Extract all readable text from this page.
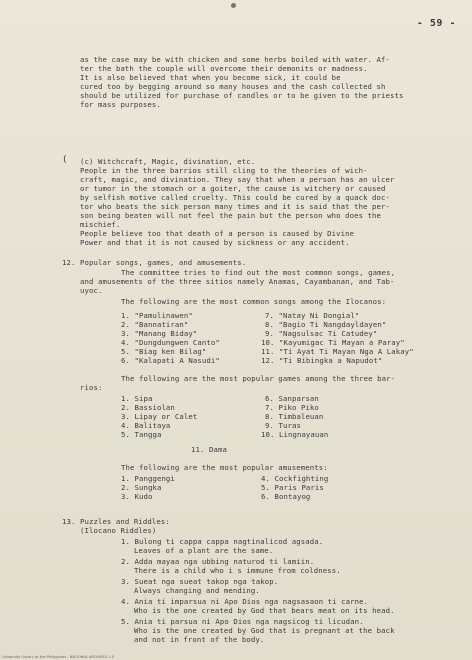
- 59 -
as the case may be with chicken and some herbs boiled with water. Af-
ter the bath the couple will overcome their demonits or madness.
It is also believed that when you become sick, it could be
cured too by begging around so many houses and the cash collected sh
should be utilized for purchase of candles or to be given to the priests
for mass purposes.
( (c) Witchcraft, Magic, divination, etc.
People in the three barrios still cling to the theories of wich-
craft, magic, and divination. They say that when a person has an ulcer
or tumor in the stomach or a goiter, the cause is witchery or caused
by selfish motive called cruelty. This could be cured by a quack doc-
tor who beats the sick person many times and it is said that the per-
son being beaten will not feel the pain but the person who does the
mischief.
People believe too that death of a person is caused by Divine
Power and that it is not caused by sickness or any accident.
12. Popular songs, games, and amusements.
The committee tries to find out the most common songs, games,
and amusements of the three sitios namely Anamas, Cayambanan, and Tab-
uyoc.
The following are the most common songs among the Ilocanos:
1. "Pamulinawen"
2. "Bannatiran"
3. "Manang Biday"
4. "Dungdungwen Canto"
5. "Biag ken Bilag"
6. "Kalapati A Nasudi"
7. "Natay Ni Dongial"
8. "Bagio Ti Nangdayldayen"
9. "Nagsulsac Ti Catudey"
10. "Kayumigac Ti Mayan a Paray"
11. "Ti Ayat Ti Mayan Nga A Lakay"
12. "Ti Bibingka a Napudot"
The following are the most popular games among the three bar-
rios:
1. Sipa
2. Bassiolan
3. Lipay or Calet
4. Balitaya
5. Tangga
6. Sanparsan
7. Piko Piko
8. Timbaleuan
9. Turas
10. Lingnayauan
11. Dama
The following are the most popular amusements:
1. Panggengi
2. Sungka
3. Kudo
4. Cockfighting
5. Paris Paris
6. Bontayog
13. Puzzles and Riddles:
(Ilocano Riddles)
1. Bulong ti cappa cappa nagtinalicod agsada.
Leaves of a plant are the same.
2. Adda mayaa nga ubbing naturod ti lamiin.
There is a child who i s immune from coldness.
3. Sueat nga sueat takop nga takop.
Always changing and mending.
4. Ania ti imparsua ni Apo Dios nga nagsasaon ti carne.
Who is the one created by God that bears meat on its head.
5. Ania ti parsua ni Apo Dios nga nagsicog ti licudan.
Who is the one created by God that is pregnant at the back
and not in front of the body.
University Library at the Philippines - NATIONAL ARCHIVES 1.0
